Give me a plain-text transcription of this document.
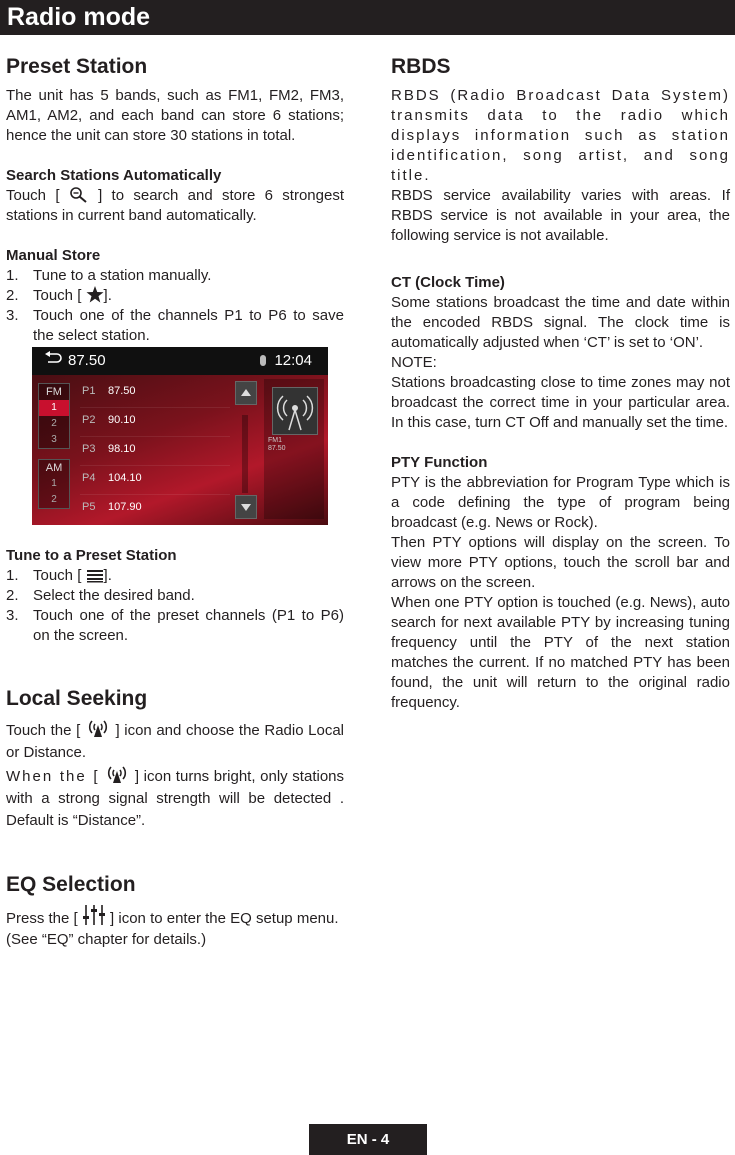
Radio mode
Preset Station

The unit has 5 bands, such as FM1, FM2, FM3, AM1, AM2, and each band can store 6 stations; hence the unit can store 30 stations in total.

Search Stations Automatically

Touch [	] to search and store 6 strongest stations in current band automatically.

Manual Store
1. Tune to a station manually.
2. Touch [ ].
3. Touch one of the channels P1 to P6 to save the select station.
87.50	12:04
FM
1
2
3
AM
1
2
P1 87.50
P2 90.10
P3 98.10
P4 104.10
P5 107.90
FM1
87.50
Tune to a Preset Station
1. Touch [ ].
2. Select the desired band.
3. Touch one of the preset channels (P1 to P6) on the screen.
Local Seeking

Touch the [ ] icon and choose the Radio Local or Distance.

When the [ ] icon turns bright, only stations with a strong signal strength will be detected . Default is “Distance”.

EQ Selection

Press the [ ] icon to enter the EQ setup menu.

(See “EQ” chapter for details.)

RBDS

RBDS (Radio Broadcast Data System) transmits data to the radio which displays information such as station identification, song artist, and song title.

RBDS service availability varies with areas. If RBDS service is not available in your area, the following service is not available.

CT (Clock Time)

Some stations broadcast the time and date within the encoded RBDS signal. The clock time is automatically adjusted when ‘CT’ is set to ‘ON’.

NOTE:

Stations broadcasting close to time zones may not broadcast the correct time in your particular area. In this case, turn CT Off and manually set the time.

PTY Function

PTY is the abbreviation for Program Type which is a code defining the type of program being broadcast (e.g. News or Rock).

Then PTY options will display on the screen. To view more PTY options, touch the scroll bar and arrows on the screen.

When one PTY option is touched (e.g. News), auto search for next available PTY by increasing tuning frequency until the PTY of the next station matches the current. If no matched PTY has been found, the unit will return to the original radio frequency.

EN - 4
